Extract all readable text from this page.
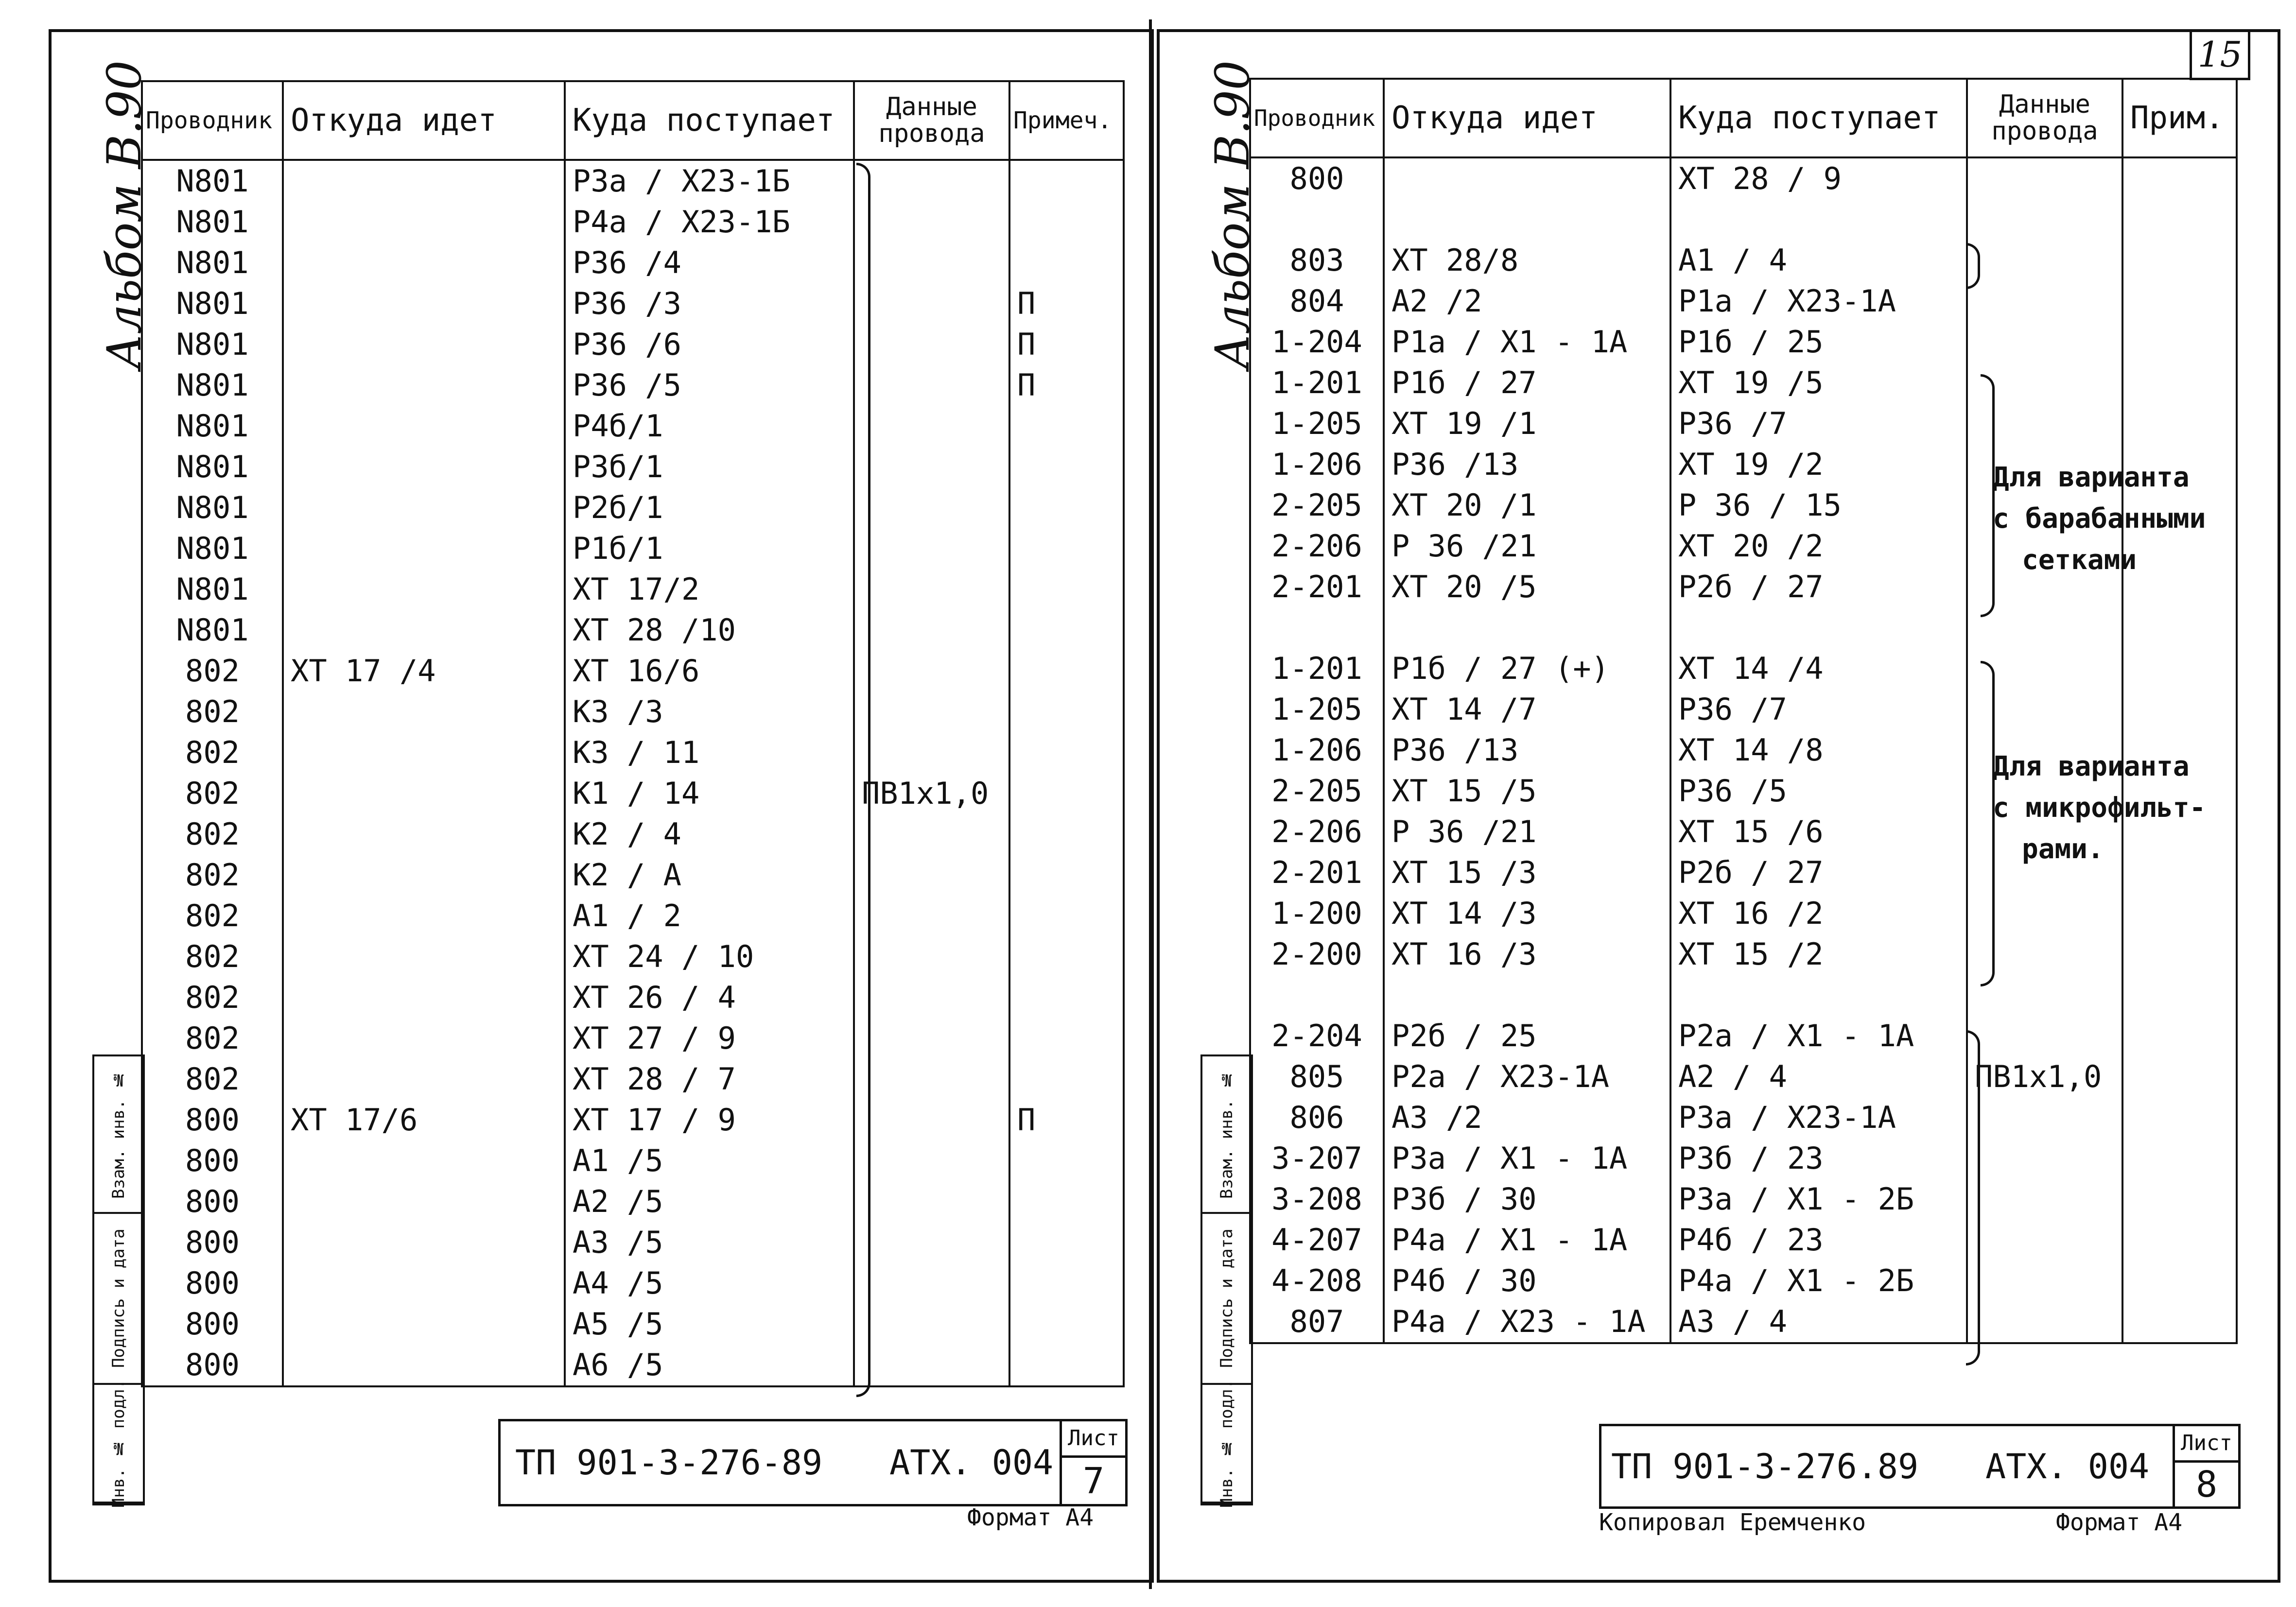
Альбом В.90
Проводник	Откуда идет	Куда поступает	Данные провода	Примеч.
N801		Р3а / Х23-1Б		
N801		Р4а / Х23-1Б		
N801		Р36 /4		
N801		Р36 /3		П
N801		Р36 /6		П
N801		Р36 /5		П
N801		Р4б/1		
N801		Р3б/1		
N801		Р2б/1		
N801		Р1б/1		
N801		ХТ 17/2		
N801		ХТ 28 /10		
802	ХТ 17 /4	ХТ 16/6		
802		К3 /3		
802		К3 / 11		
802		К1 / 14	ПВ1х1,0	
802		К2 / 4		
802		К2 / А		
802		А1 / 2		
802		ХТ 24 / 10		
802		ХТ 26 / 4		
802		ХТ 27 / 9		
802		ХТ 28 / 7		
800	ХТ 17/6	ХТ 17 / 9		П
800		А1 /5		
800		А2 /5		
800		А3 /5		
800		А4 /5		
800		А5 /5		
800		А6 /5		
Инв. № подл.
Подпись и дата
Взам. инв. №
ТП 901-3-276-89 АТХ. 004
Лист
7
Формат А4
15
Альбом В.90
Проводник	Откуда идет	Куда поступает	Данные провода	Прим.
800		ХТ 28 / 9		

803	ХТ 28/8	А1 / 4		
804	А2 /2	Р1а / Х23-1А		
1-204	Р1а / Х1 - 1А	Р1б / 25		
1-201	Р1б / 27	ХТ 19 /5		
1-205	ХТ 19 /1	Р36 /7		
1-206	Р36 /13	ХТ 19 /2		
2-205	ХТ 20 /1	Р 36 / 15		
2-206	Р 36 /21	ХТ 20 /2		
2-201	ХТ 20 /5	Р2б / 27		

1-201	Р1б / 27 (+)	ХТ 14 /4		
1-205	ХТ 14 /7	Р36 /7		
1-206	Р36 /13	ХТ 14 /8		
2-205	ХТ 15 /5	Р36 /5		
2-206	Р 36 /21	ХТ 15 /6		
2-201	ХТ 15 /3	Р2б / 27		
1-200	ХТ 14 /3	ХТ 16 /2		
2-200	ХТ 16 /3	ХТ 15 /2		

2-204	Р2б / 25	Р2а / Х1 - 1А		
805	Р2а / Х23-1А	А2 / 4	ПВ1х1,0	
806	А3 /2	Р3а / Х23-1А		
3-207	Р3а / Х1 - 1А	Р3б / 23		
3-208	Р3б / 30	Р3а / Х1 - 2Б		
4-207	Р4а / Х1 - 1А	Р4б / 23		
4-208	Р4б / 30	Р4а / Х1 - 2Б		
807	Р4а / Х23 - 1А	А3 / 4		
Для варианта
с барабанными
сетками
Для варианта
с микрофильт-
рами.
Инв. № подл.
Подпись и дата
Взам. инв. №
ТП 901-3-276.89 АТХ. 004
Лист
8
Копировал Еремченко	Формат А4
